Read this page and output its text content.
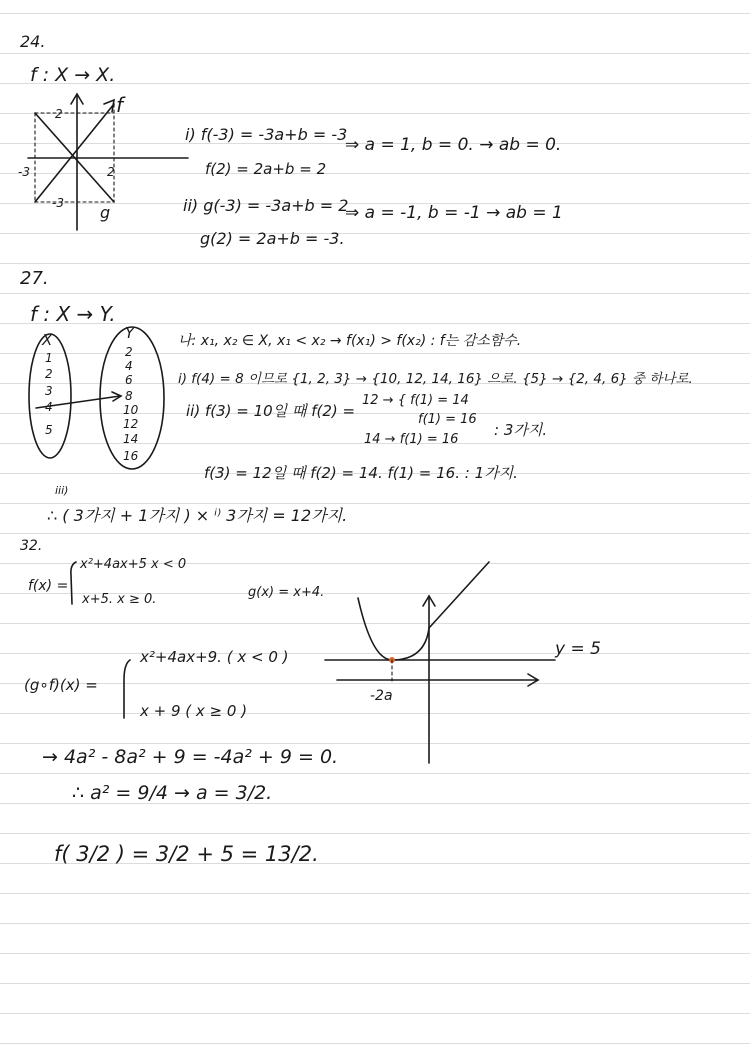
24.
f : X → X.
f
g
2
-3	2
-3
i) f(-3) = -3a+b = -3
f(2) = 2a+b = 2
⇒ a = 1, b = 0. → ab = 0.
ii) g(-3) = -3a+b = 2
g(2) = 2a+b = -3.
⇒ a = -1, b = -1 → ab = 1
27.
f : X → Y.
X	Y
1
2
3
4
5
2
4
6
8
10
12
14
16
나: x₁, x₂ ∈ X, x₁ < x₂ → f(x₁) > f(x₂) : f는 감소함수.
i) f(4) = 8 이므로 {1, 2, 3} → {10, 12, 14, 16} 으로. {5} → {2, 4, 6} 중 하나로.
ii) f(3) = 10일 때 f(2) =
12 → { f(1) = 14
f(1) = 16
14 → f(1) = 16
: 3가지.
f(3) = 12일 때 f(2) = 14. f(1) = 16. : 1가지.
iii)
∴ ( 3가지 + 1가지 ) × ⁱ⁾ 3가지 = 12가지.
32.
f(x) =
x²+4ax+5 x < 0
x+5. x ≥ 0.	g(x) = x+4.
(g∘f)(x) =
x²+4ax+9. ( x < 0 )
x + 9 ( x ≥ 0 )
y = 5
-2a
→ 4a² - 8a² + 9 = -4a² + 9 = 0.
∴ a² = 9/4 → a = 3/2.
f( 3/2 ) = 3/2 + 5 = 13/2.
